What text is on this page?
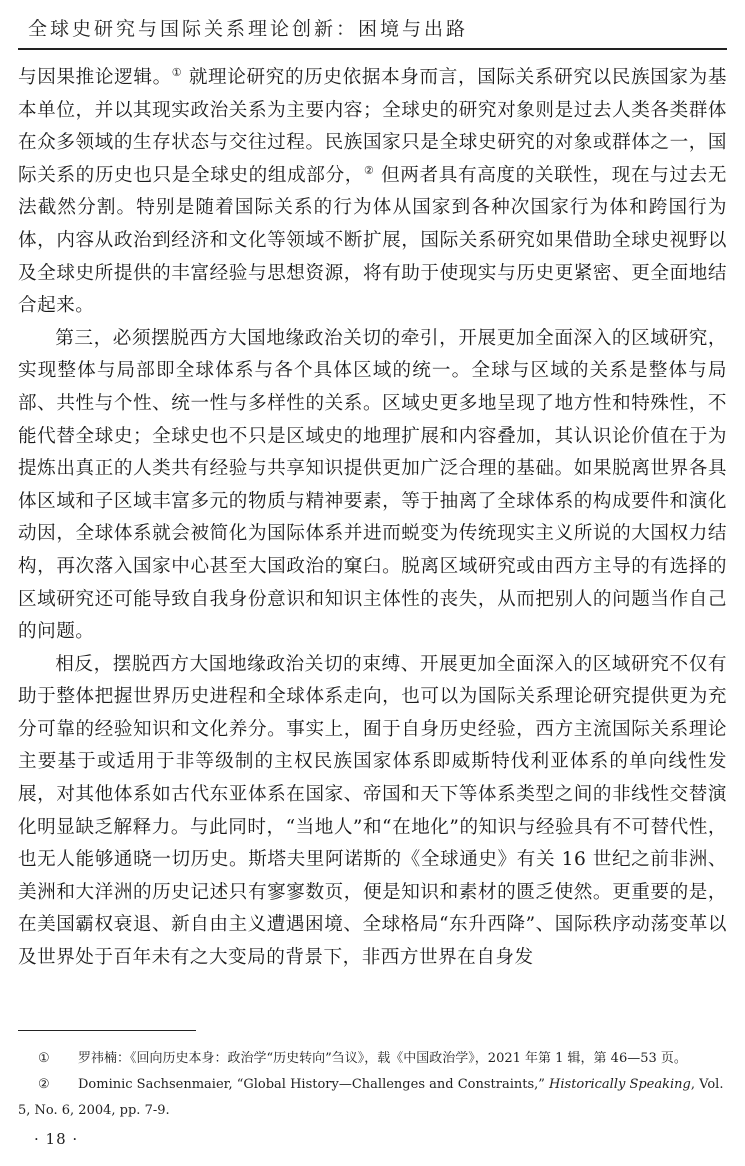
全球史研究与国际关系理论创新：困境与出路

与因果推论逻辑。① 就理论研究的历史依据本身而言，国际关系研究以民族国家为基本单位，并以其现实政治关系为主要内容；全球史的研究对象则是过去人类各类群体在众多领域的生存状态与交往过程。民族国家只是全球史研究的对象或群体之一，国际关系的历史也只是全球史的组成部分，② 但两者具有高度的关联性，现在与过去无法截然分割。特别是随着国际关系的行为体从国家到各种次国家行为体和跨国行为体，内容从政治到经济和文化等领域不断扩展，国际关系研究如果借助全球史视野以及全球史所提供的丰富经验与思想资源，将有助于使现实与历史更紧密、更全面地结合起来。

第三，必须摆脱西方大国地缘政治关切的牵引，开展更加全面深入的区域研究，实现整体与局部即全球体系与各个具体区域的统一。全球与区域的关系是整体与局部、共性与个性、统一性与多样性的关系。区域史更多地呈现了地方性和特殊性，不能代替全球史；全球史也不只是区域史的地理扩展和内容叠加，其认识论价值在于为提炼出真正的人类共有经验与共享知识提供更加广泛合理的基础。如果脱离世界各具体区域和子区域丰富多元的物质与精神要素，等于抽离了全球体系的构成要件和演化动因，全球体系就会被简化为国际体系并进而蜕变为传统现实主义所说的大国权力结构，再次落入国家中心甚至大国政治的窠臼。脱离区域研究或由西方主导的有选择的区域研究还可能导致自我身份意识和知识主体性的丧失，从而把别人的问题当作自己的问题。

相反，摆脱西方大国地缘政治关切的束缚、开展更加全面深入的区域研究不仅有助于整体把握世界历史进程和全球体系走向，也可以为国际关系理论研究提供更为充分可靠的经验知识和文化养分。事实上，囿于自身历史经验，西方主流国际关系理论主要基于或适用于非等级制的主权民族国家体系即威斯特伐利亚体系的单向线性发展，对其他体系如古代东亚体系在国家、帝国和天下等体系类型之间的非线性交替演化明显缺乏解释力。与此同时，“当地人”和“在地化”的知识与经验具有不可替代性，也无人能够通晓一切历史。斯塔夫里阿诺斯的《全球通史》有关 16 世纪之前非洲、美洲和大洋洲的历史记述只有寥寥数页，便是知识和素材的匮乏使然。更重要的是，在美国霸权衰退、新自由主义遭遇困境、全球格局“东升西降”、国际秩序动荡变革以及世界处于百年未有之大变局的背景下，非西方世界在自身发

① 罗祎楠：《回向历史本身：政治学“历史转向”刍议》，载《中国政治学》，2021 年第 1 辑，第 46—53 页。

② Dominic Sachsenmaier, “Global History—Challenges and Constraints,” Historically Speaking, Vol. 5, No. 6, 2004, pp. 7-9.

· 18 ·
